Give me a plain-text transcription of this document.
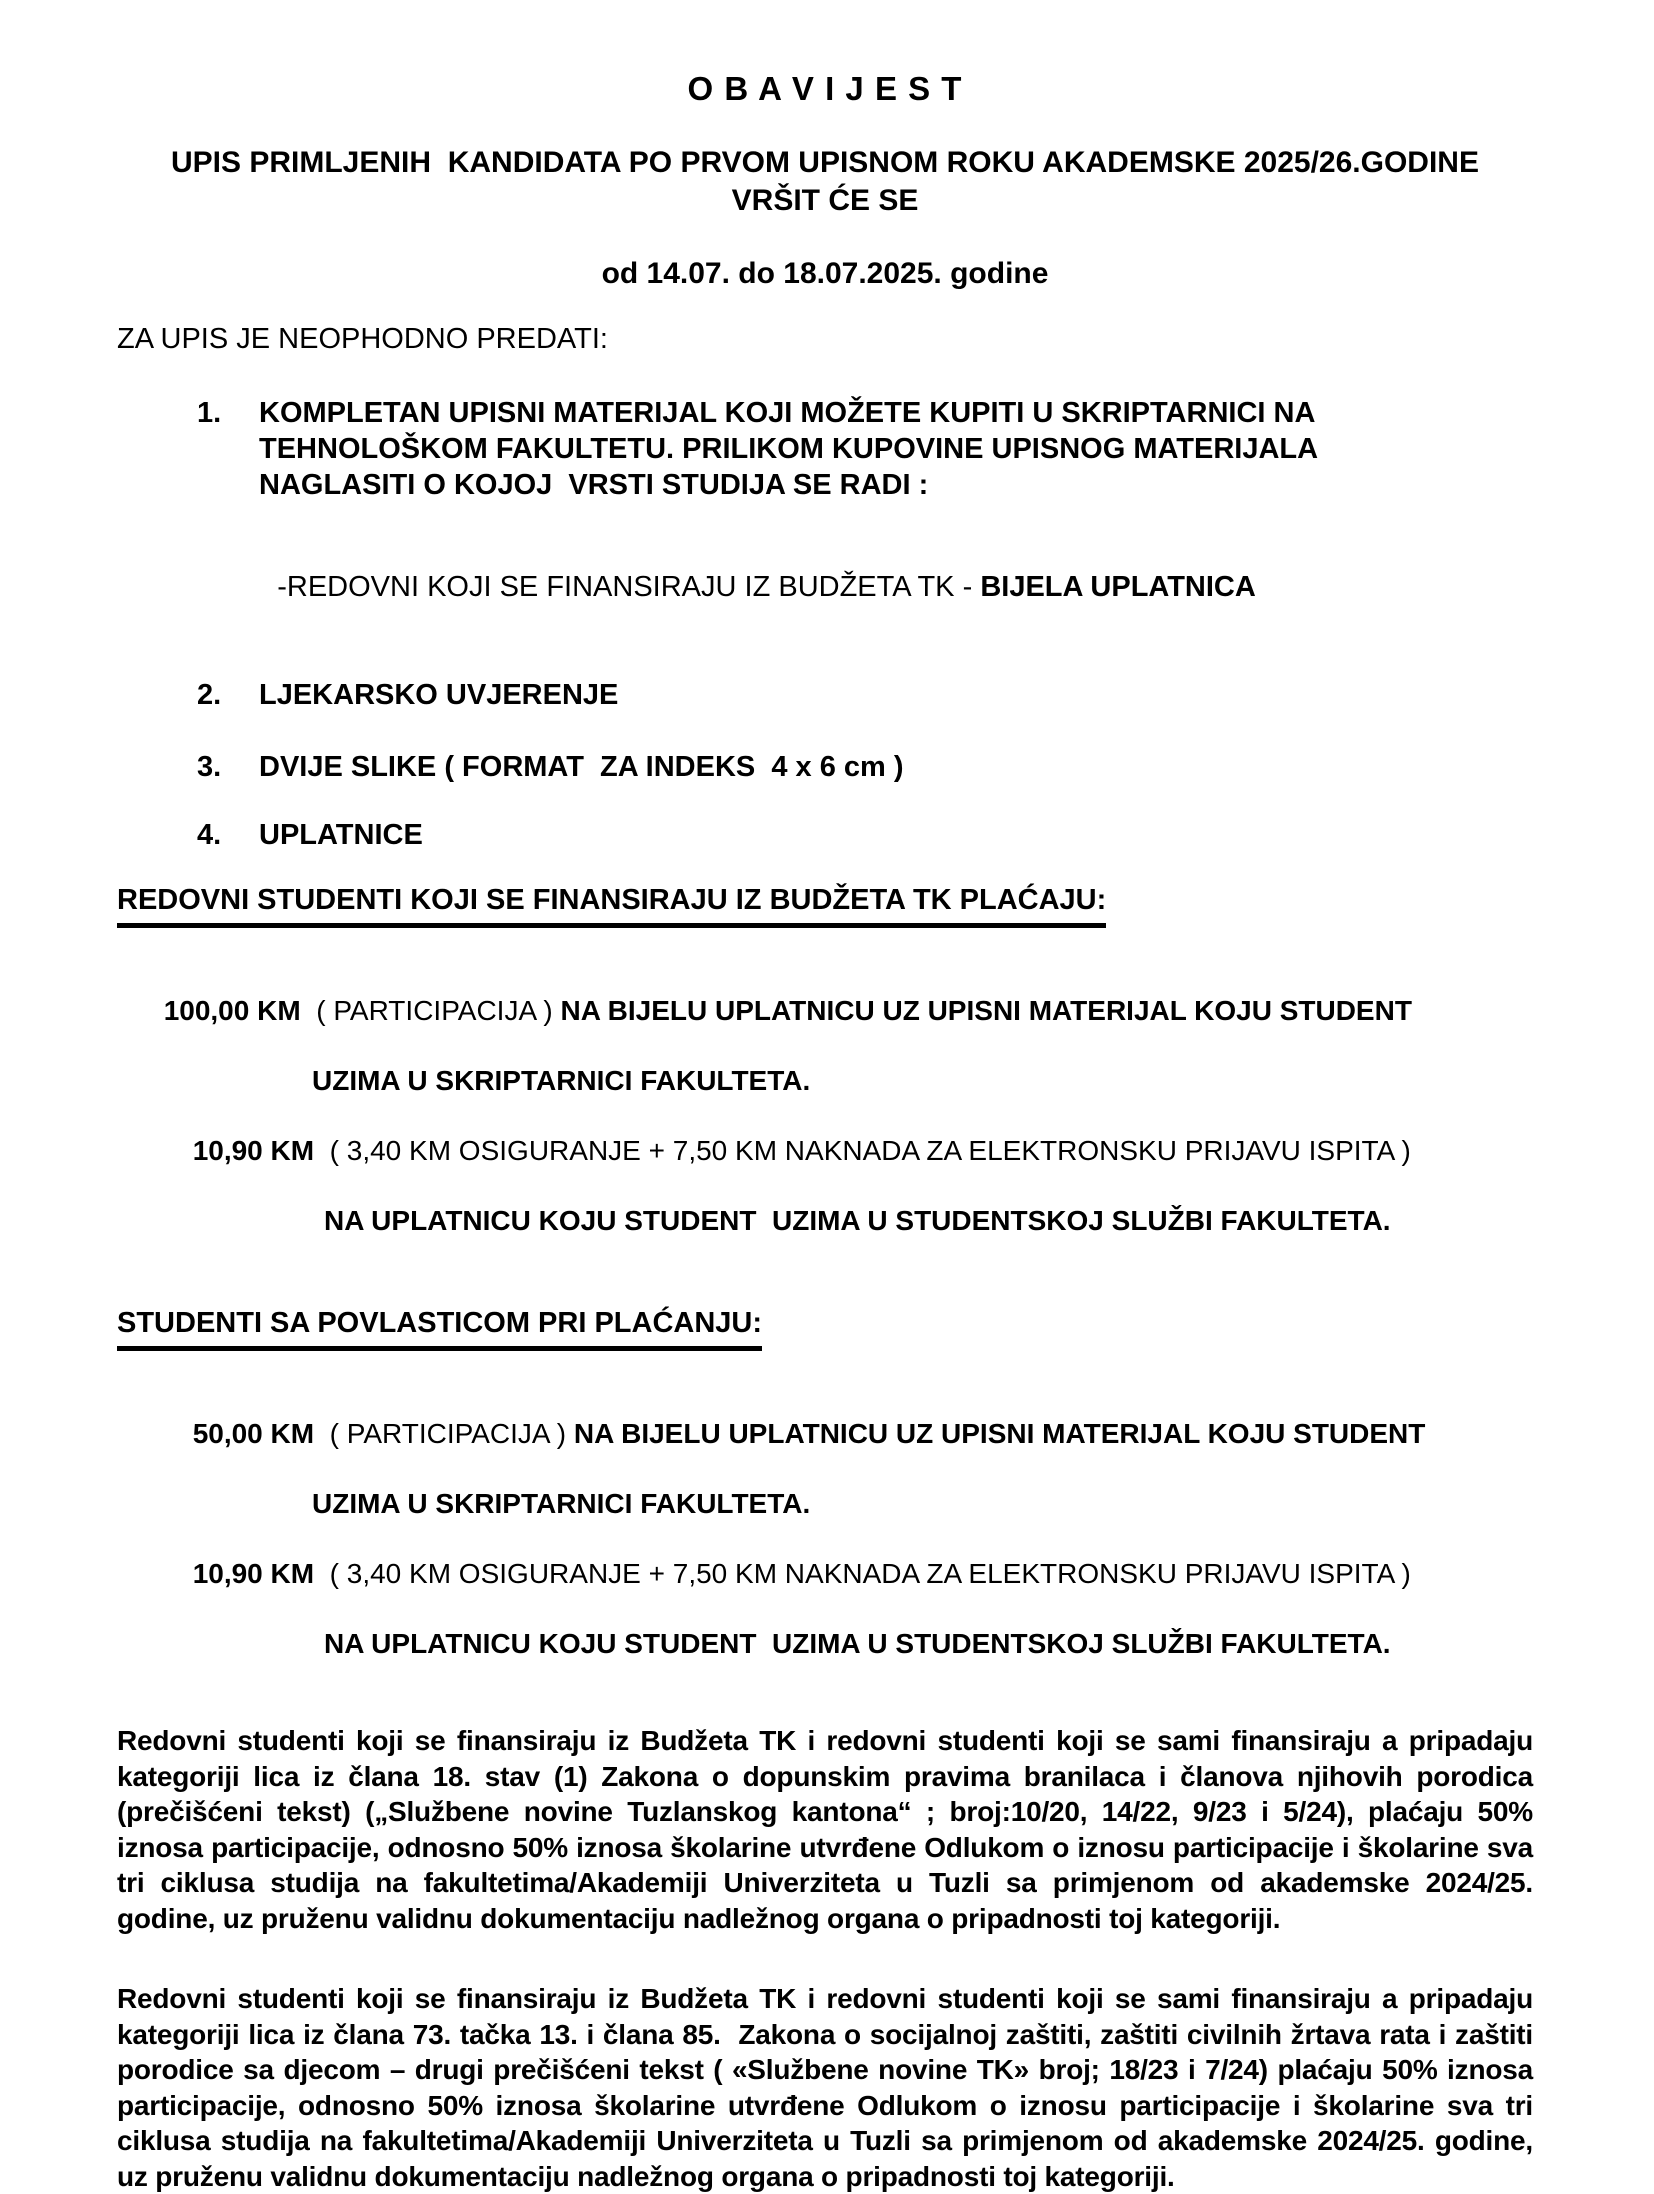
O B A V I J E S T
UPIS PRIMLJENIH  KANDIDATA PO PRVOM UPISNOM ROKU AKADEMSKE 2025/26.GODINE
VRŠIT ĆE SE
od 14.07. do 18.07.2025. godine
ZA UPIS JE NEOPHODNO PREDATI:
1.	KOMPLETAN UPISNI MATERIJAL KOJI MOŽETE KUPITI U SKRIPTARNICI NA TEHNOLOŠKOM FAKULTETU. PRILIKOM KUPOVINE UPISNOG MATERIJALA NAGLASITI O KOJOJ  VRSTI STUDIJA SE RADI :

-REDOVNI KOJI SE FINANSIRAJU IZ BUDŽETA TK - BIJELA UPLATNICA

2.	LJEKARSKO UVJERENJE
3.	DVIJE SLIKE ( FORMAT  ZA INDEKS  4 x 6 cm )
4.	UPLATNICE
REDOVNI STUDENTI KOJI SE FINANSIRAJU IZ BUDŽETA TK PLAĆAJU:

100,00 KM  ( PARTICIPACIJA ) NA BIJELU UPLATNICU UZ UPISNI MATERIJAL KOJU STUDENT

UZIMA U SKRIPTARNICI FAKULTETA.

10,90 KM  ( 3,40 KM OSIGURANJE + 7,50 KM NAKNADA ZA ELEKTRONSKU PRIJAVU ISPITA )

NA UPLATNICU KOJU STUDENT  UZIMA U STUDENTSKOJ SLUŽBI FAKULTETA.
STUDENTI SA POVLASTICOM PRI PLAĆANJU:

50,00 KM  ( PARTICIPACIJA ) NA BIJELU UPLATNICU UZ UPISNI MATERIJAL KOJU STUDENT

UZIMA U SKRIPTARNICI FAKULTETA.

10,90 KM  ( 3,40 KM OSIGURANJE + 7,50 KM NAKNADA ZA ELEKTRONSKU PRIJAVU ISPITA )

NA UPLATNICU KOJU STUDENT  UZIMA U STUDENTSKOJ SLUŽBI FAKULTETA.
Redovni studenti koji se finansiraju iz Budžeta TK i redovni studenti koji se sami finansiraju a pripadaju kategoriji lica iz člana 18. stav (1) Zakona o dopunskim pravima branilaca i članova njihovih porodica (prečišćeni tekst) („Službene novine Tuzlanskog kantona“ ; broj:10/20, 14/22, 9/23 i 5/24), plaćaju 50% iznosa participacije, odnosno 50% iznosa školarine utvrđene Odlukom o iznosu participacije i školarine sva tri ciklusa studija na fakultetima/Akademiji Univerziteta u Tuzli sa primjenom od akademske 2024/25. godine, uz pruženu validnu dokumentaciju nadležnog organa o pripadnosti toj kategoriji.
Redovni studenti koji se finansiraju iz Budžeta TK i redovni studenti koji se sami finansiraju a pripadaju kategoriji lica iz člana 73. tačka 13. i člana 85.  Zakona o socijalnoj zaštiti, zaštiti civilnih žrtava rata i zaštiti porodice sa djecom – drugi prečišćeni tekst ( «Službene novine TK» broj; 18/23 i 7/24) plaćaju 50% iznosa participacije, odnosno 50% iznosa školarine utvrđene Odlukom o iznosu participacije i školarine sva tri ciklusa studija na fakultetima/Akademiji Univerziteta u Tuzli sa primjenom od akademske 2024/25. godine, uz pruženu validnu dokumentaciju nadležnog organa o pripadnosti toj kategoriji.
